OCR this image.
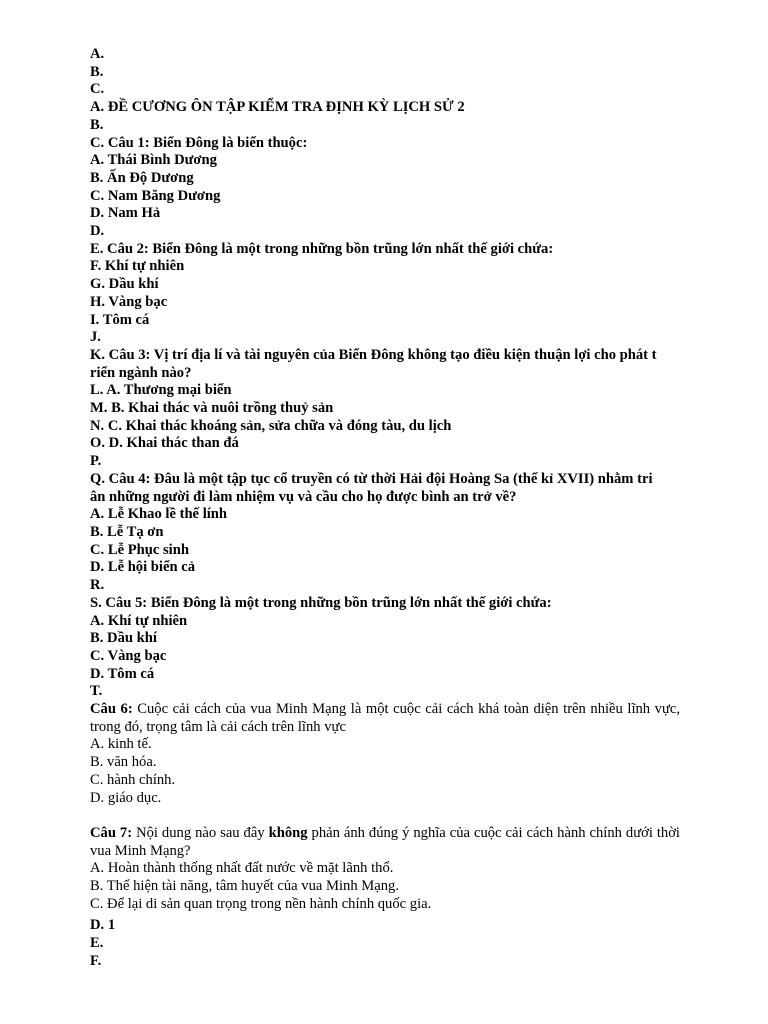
A.
B.
C.
A. ĐỀ CƯƠNG ÔN TẬP KIỂM TRA ĐỊNH KỲ LỊCH SỬ 2
B.
C. Câu 1: Biển Đông là biển thuộc:
A. Thái Bình Dương
B. Ấn Độ Dương
C. Nam Băng Dương
D. Nam Hả
D.
E. Câu 2: Biển Đông là một trong những bồn trũng lớn nhất thế giới chứa:
F. Khí tự nhiên
G. Dầu khí
H. Vàng bạc
I. Tôm cá
J.
K. Câu 3: Vị trí địa lí và tài nguyên của Biển Đông không tạo điều kiện thuận lợi cho phát t
riển ngành nào?
L. A. Thương mại biển
M. B. Khai thác và nuôi trồng thuỷ sản
N. C. Khai thác khoáng sản, sửa chữa và đóng tàu, du lịch
O. D. Khai thác than đá
P.
Q. Câu 4: Đâu là một tập tục cổ truyền có từ thời Hải đội Hoàng Sa (thế kỉ XVII) nhằm tri
ân những người đi làm nhiệm vụ và cầu cho họ được bình an trở về?
A. Lễ Khao lề thế lính
B. Lễ Tạ ơn
C. Lễ Phục sinh
D. Lễ hội biển cả
R.
S. Câu 5: Biển Đông là một trong những bồn trũng lớn nhất thế giới chứa:
A. Khí tự nhiên
B. Dầu khí
C. Vàng bạc
D. Tôm cá
T.
Câu 6: Cuộc cải cách của vua Minh Mạng là một cuộc cải cách khá toàn diện trên nhiều lĩnh vực, trong đó, trọng tâm là cải cách trên lĩnh vực
A. kinh tế.
B. văn hóa.
C. hành chính.
D. giáo dục.
Câu 7: Nội dung nào sau đây không phản ánh đúng ý nghĩa của cuộc cải cách hành chính dưới thời vua Minh Mạng?
A. Hoàn thành thống nhất đất nước về mặt lãnh thổ.
B. Thể hiện tài năng, tâm huyết của vua Minh Mạng.
C. Để lại di sản quan trọng trong nền hành chính quốc gia.
D. 1
E.
F.
